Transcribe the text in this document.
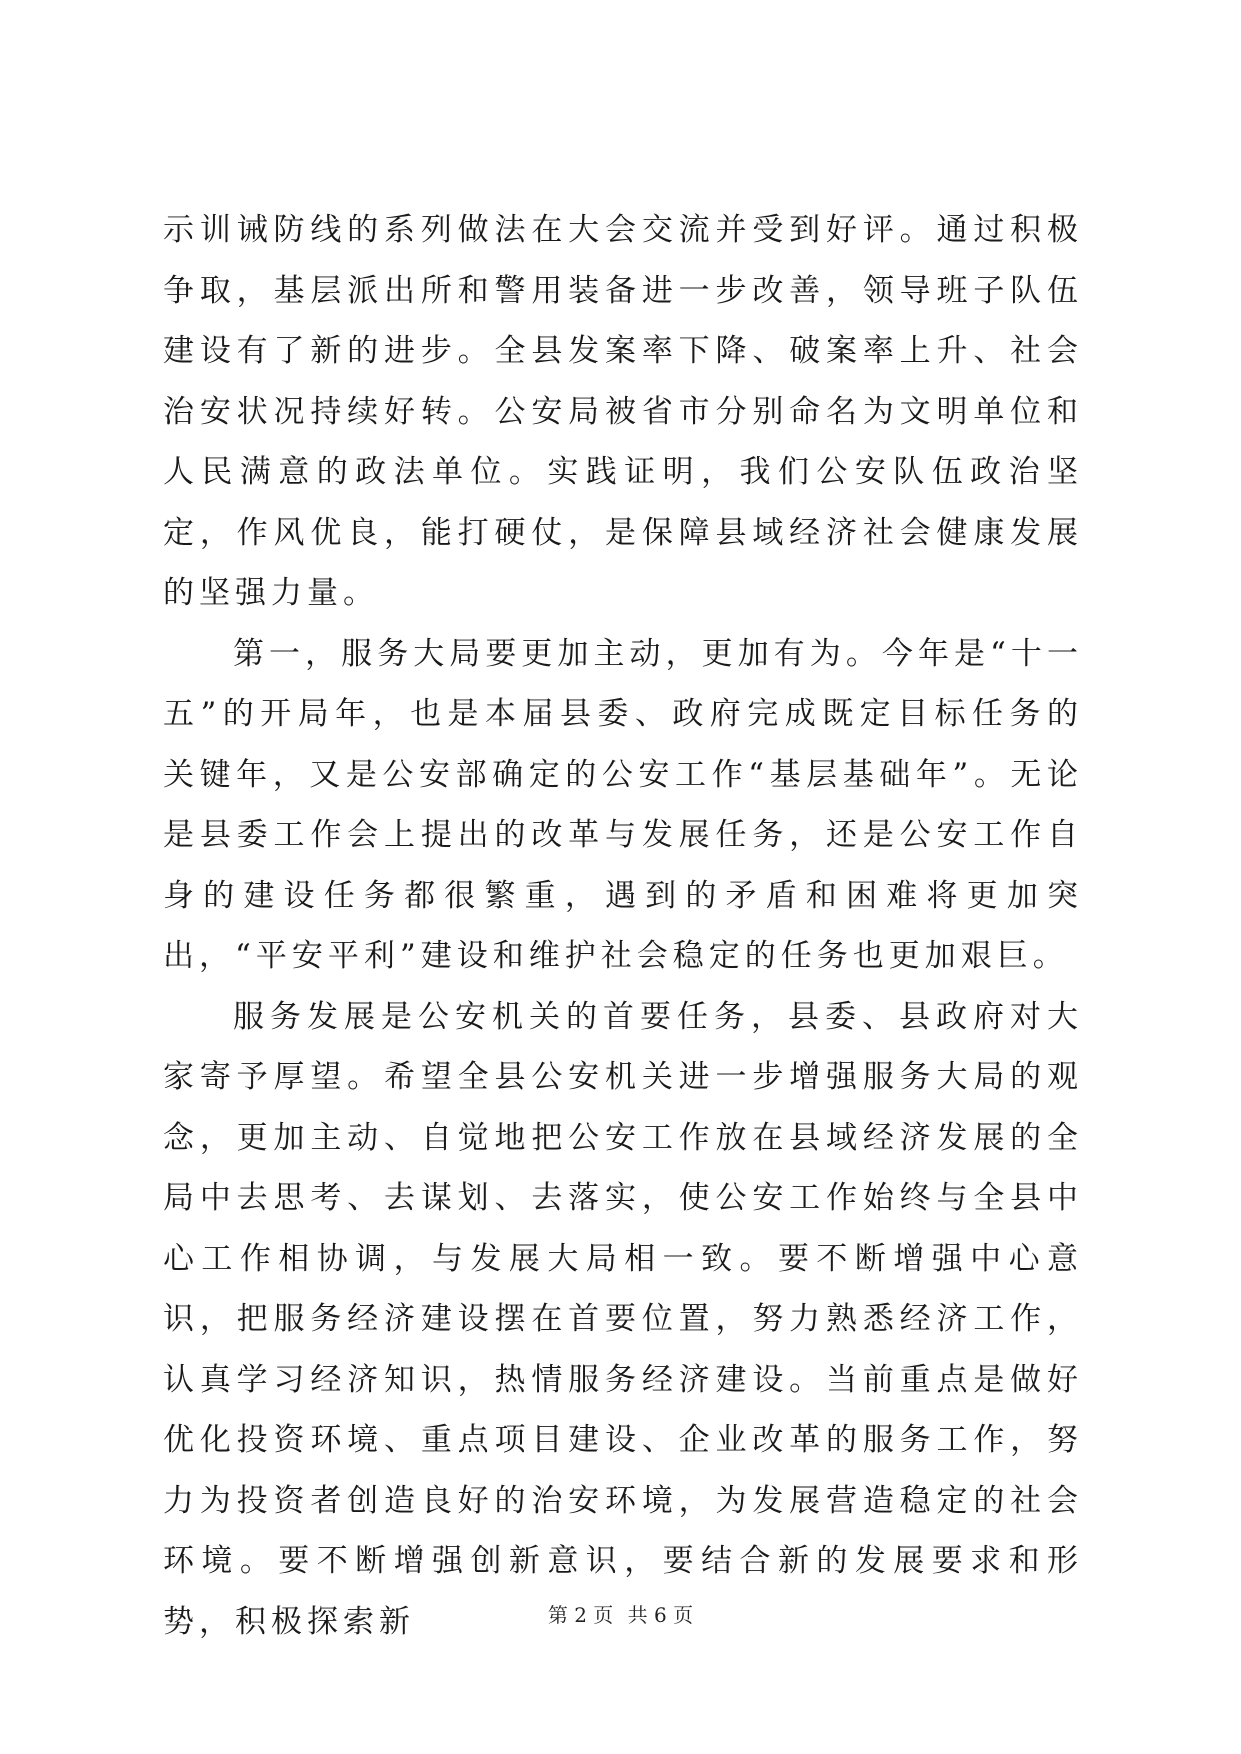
示训诫防线的系列做法在大会交流并受到好评。通过积极争取，基层派出所和警用装备进一步改善，领导班子队伍建设有了新的进步。全县发案率下降、破案率上升、社会治安状况持续好转。公安局被省市分别命名为文明单位和人民满意的政法单位。实践证明，我们公安队伍政治坚定，作风优良，能打硬仗，是保障县域经济社会健康发展的坚强力量。

第一，服务大局要更加主动，更加有为。今年是“十一五”的开局年，也是本届县委、政府完成既定目标任务的关键年，又是公安部确定的公安工作“基层基础年”。无论是县委工作会上提出的改革与发展任务，还是公安工作自身的建设任务都很繁重，遇到的矛盾和困难将更加突出，“平安平利”建设和维护社会稳定的任务也更加艰巨。

服务发展是公安机关的首要任务，县委、县政府对大家寄予厚望。希望全县公安机关进一步增强服务大局的观念，更加主动、自觉地把公安工作放在县域经济发展的全局中去思考、去谋划、去落实，使公安工作始终与全县中心工作相协调，与发展大局相一致。要不断增强中心意识，把服务经济建设摆在首要位置，努力熟悉经济工作，认真学习经济知识，热情服务经济建设。当前重点是做好优化投资环境、重点项目建设、企业改革的服务工作，努力为投资者创造良好的治安环境，为发展营造稳定的社会环境。要不断增强创新意识，要结合新的发展要求和形势，积极探索新	第 2 页 共 6 页
